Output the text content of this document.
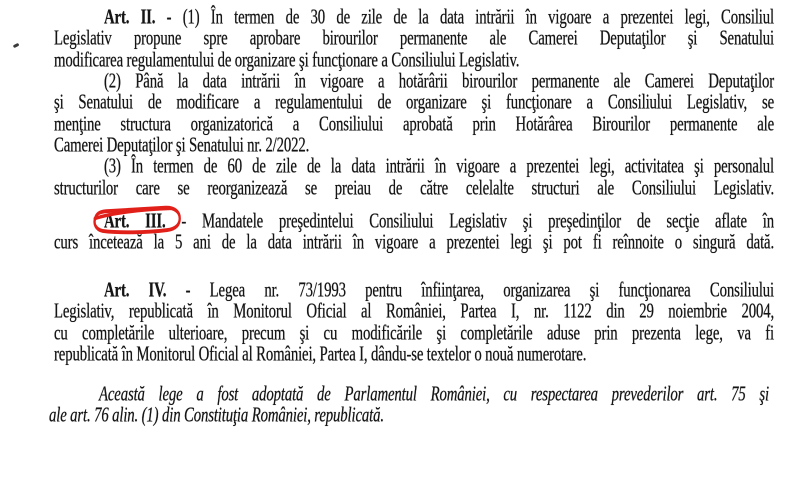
Art. II. - (1) În termen de 30 de zile de la data intrării în vigoare a prezentei legi, Consiliul
Legislativ propune spre aprobare birourilor permanente ale Camerei Deputaţilor şi Senatului
modificarea regulamentului de organizare şi funcţionare a Consiliului Legislativ.
(2) Până la data intrării în vigoare a hotărârii birourilor permanente ale Camerei Deputaţilor
şi Senatului de modificare a regulamentului de organizare şi funcţionare a Consiliului Legislativ, se
menţine structura organizatorică a Consiliului aprobată prin Hotărârea Birourilor permanente ale
Camerei Deputaţilor şi Senatului nr. 2/2022.
(3) În termen de 60 de zile de la data intrării în vigoare a prezentei legi, activitatea şi personalul
structurilor care se reorganizează se preiau de către celelalte structuri ale Consiliului Legislativ.
Art. III.
- Mandatele preşedintelui Consiliului Legislativ şi preşedinţilor de secţie aflate în
curs încetează la 5 ani de la data intrării în vigoare a prezentei legi şi pot fi reînnoite o singură dată.
Art. IV. - Legea nr. 73/1993 pentru înfiinţarea, organizarea şi funcţionarea Consiliului
Legislativ, republicată în Monitorul Oficial al României, Partea I, nr. 1122 din 29 noiembrie 2004,
cu completările ulterioare, precum şi cu modificările şi completările aduse prin prezenta lege, va fi
republicată în Monitorul Oficial al României, Partea I, dându-se textelor o nouă numerotare.
Această lege a fost adoptată de Parlamentul României, cu respectarea prevederilor art. 75 şi
ale art. 76 alin. (1) din Constituţia României, republicată.
